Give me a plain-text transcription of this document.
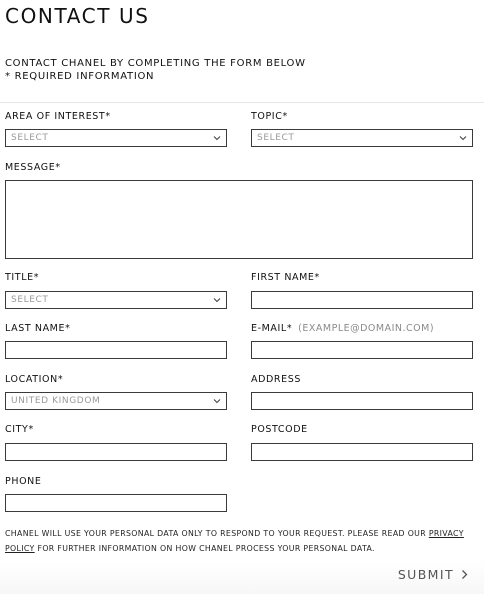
CONTACT US
CONTACT CHANEL BY COMPLETING THE FORM BELOW
* REQUIRED INFORMATION
AREA OF INTEREST*
SELECT
TOPIC*
SELECT
MESSAGE*
TITLE*
SELECT
FIRST NAME*
LAST NAME*	E-MAIL* (EXAMPLE@DOMAIN.COM)
LOCATION*
UNITED KINGDOM
ADDRESS
CITY*	POSTCODE
PHONE
CHANEL WILL USE YOUR PERSONAL DATA ONLY TO RESPOND TO YOUR REQUEST. PLEASE READ OUR PRIVACY POLICY FOR FURTHER INFORMATION ON HOW CHANEL PROCESS YOUR PERSONAL DATA.
SUBMIT
